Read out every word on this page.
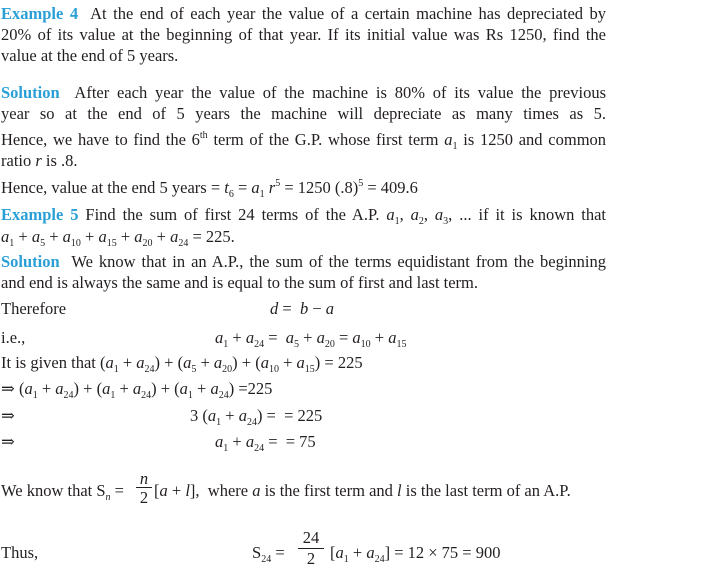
Example 4 At the end of each year the value of a certain machine has depreciated by
20% of its value at the beginning of that year. If its initial value was Rs 1250, find the
value at the end of 5 years.
Solution After each year the value of the machine is 80% of its value the previous
year so at the end of 5 years the machine will depreciate as many times as 5.
Hence, we have to find the 6th term of the G.P. whose first term $a_1$ is 1250 and common
ratio r is .8.
Hence, value at the end 5 years = $t_6 = a_1$ $r^5 = 1250$ $(.8)^5 = 409.6$
Example 5 Find the sum of first 24 terms of the A.P. $a_1$, $a_2$, $a_3$, ... if it is known that
$a_1 + a_5 + a_{10} + a_{15} + a_{20} + a_{24} = 225$.
Solution We know that in an A.P., the sum of the terms equidistant from the beginning
and end is always the same and is equal to the sum of first and last term.
Therefore	d =  b − a
i.e.,	$a_1 + a_{24} = a_5 + a_{20} = a_{10} + a_{15}$
It is given that $(a_1 + a_{24}) + (a_5 + a_{20}) + (a_{10} + a_{15}) = 225$
⇒ $(a_1 + a_{24}) + (a_1 + a_{24}) + (a_1 + a_{24}) =225$
⇒	3 $(a_1 + a_{24})$ =  = 225
⇒	$a_1 + a_{24}$ =  = 75
We know that $S_n = \frac{n}{2} [a + l]$,  where a is the first term and l is the last term of an A.P.
Thus,	$S_{24} = \frac{24}{2} [a_1 + a_{24}] = 12 \times 75 = 900$
